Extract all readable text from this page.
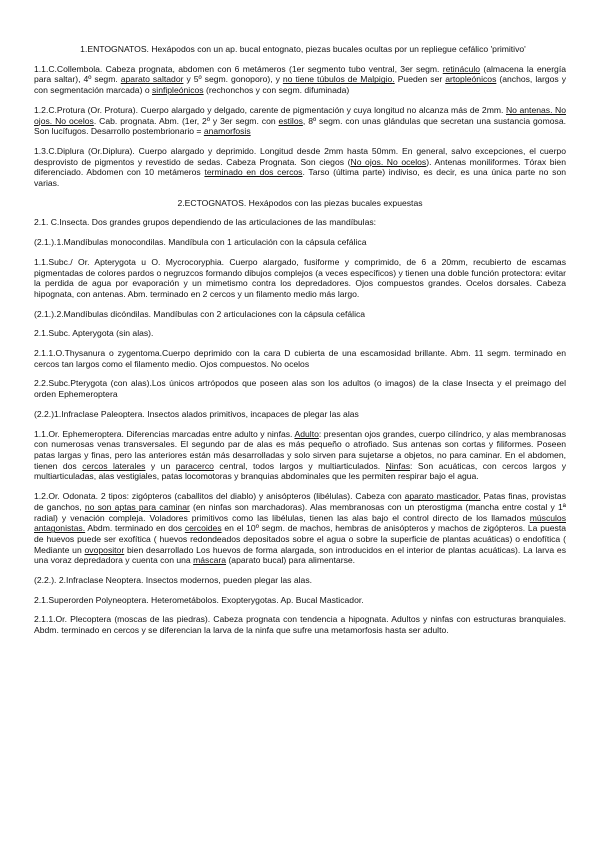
1.ENTOGNATOS. Hexápodos con un ap. bucal entognato, piezas bucales ocultas por un repliegue cefálico 'primitivo'

1.1.C.Collembola. Cabeza prognata, abdomen con 6 metámeros (1er segmento tubo ventral, 3er segm. retináculo (almacena la energía para saltar), 4º segm. aparato saltador y 5º segm. gonoporo), y no tiene túbulos de Malpigio. Pueden ser artopleónicos (anchos, largos y con segmentación marcada) o sinfipleónicos (rechonchos y con segm. difuminada)

1.2.C.Protura (Or. Protura). Cuerpo alargado y delgado, carente de pigmentación y cuya longitud no alcanza más de 2mm. No antenas. No ojos. No ocelos. Cab. prognata. Abm. (1er, 2º y 3er segm. con estilos, 8º segm. con unas glándulas que secretan una sustancia gomosa. Son lucífugos. Desarrollo postembrionario = anamorfosis

1.3.C.Diplura (Or.Diplura). Cuerpo alargado y deprimido. Longitud desde 2mm hasta 50mm. En general, salvo excepciones, el cuerpo desprovisto de pigmentos y revestido de sedas. Cabeza Prognata. Son ciegos (No ojos. No ocelos). Antenas moniliformes. Tórax bien diferenciado. Abdomen con 10 metámeros terminado en dos cercos. Tarso (última parte) indiviso, es decir, es una única parte no son varias.

2.ECTOGNATOS. Hexápodos con las piezas bucales expuestas

2.1. C.Insecta. Dos grandes grupos dependiendo de las articulaciones de las mandíbulas:

(2.1.).1.Mandíbulas monocondilas. Mandíbula con 1 articulación con la cápsula cefálica

1.1.Subc./ Or. Apterygota u O. Mycrocoryphia. Cuerpo alargado, fusiforme y comprimido, de 6 a 20mm, recubierto de escamas pigmentadas de colores pardos o negruzcos formando dibujos complejos (a veces específicos) y tienen una doble función protectora: evitar la perdida de agua por evaporación y un mimetismo contra los depredadores. Ojos compuestos grandes. Ocelos dorsales. Cabeza hipognata, con antenas. Abm. terminado en 2 cercos y un filamento medio más largo.

(2.1.).2.Mandíbulas dicóndilas. Mandíbulas con 2 articulaciones con la cápsula cefálica

2.1.Subc. Apterygota (sin alas).

2.1.1.O.Thysanura o zygentoma.Cuerpo deprimido con la cara D cubierta de una escamosidad brillante. Abm. 11 segm. terminado en cercos tan largos como el filamento medio. Ojos compuestos. No ocelos

2.2.Subc.Pterygota (con alas).Los únicos artrópodos que poseen alas son los adultos (o imagos) de la clase Insecta y el preimago del orden Ephemeroptera

(2.2.)1.Infraclase Paleoptera. Insectos alados primitivos, incapaces de plegar las alas

1.1.Or. Ephemeroptera. Diferencias marcadas entre adulto y ninfas. Adulto: presentan ojos grandes, cuerpo cilíndrico, y alas membranosas con numerosas venas transversales. El segundo par de alas es más pequeño o atrofiado. Sus antenas son cortas y filiformes. Poseen patas largas y finas, pero las anteriores están más desarrolladas y solo sirven para sujetarse a objetos, no para caminar. En el abdomen, tienen dos cercos laterales y un paracerco central, todos largos y multiarticulados. Ninfas: Son acuáticas, con cercos largos y multiarticuladas, alas vestigiales, patas locomotoras y branquias abdominales que les permiten respirar bajo el agua.

1.2.Or. Odonata. 2 tipos: zigópteros (caballitos del diablo) y anisópteros (libélulas). Cabeza con aparato masticador. Patas finas, provistas de ganchos, no son aptas para caminar (en ninfas son marchadoras). Alas membranosas con un pterostigma (mancha entre costal y 1ª radial) y venación compleja. Voladores primitivos como las libélulas, tienen las alas bajo el control directo de los llamados músculos antagonistas. Abdm. terminado en dos cercoides en el 10º segm. de machos, hembras de anisópteros y machos de zigópteros. La puesta de huevos puede ser exofítica ( huevos redondeados depositados sobre el agua o sobre la superficie de plantas acuáticas) o endofítica ( Mediante un ovopositor bien desarrollado Los huevos de forma alargada, son introducidos en el interior de plantas acuáticas). La larva es una voraz depredadora y cuenta con una máscara (aparato bucal) para alimentarse.

(2.2.). 2.Infraclase Neoptera. Insectos modernos, pueden plegar las alas.

2.1.Superorden Polyneoptera. Heterometábolos. Exopterygotas. Ap. Bucal Masticador.

2.1.1.Or. Plecoptera (moscas de las piedras). Cabeza prognata con tendencia a hipognata. Adultos y ninfas con estructuras branquiales. Abdm. terminado en cercos y se diferencian la larva de la ninfa que sufre una metamorfosis hasta ser adulto.
